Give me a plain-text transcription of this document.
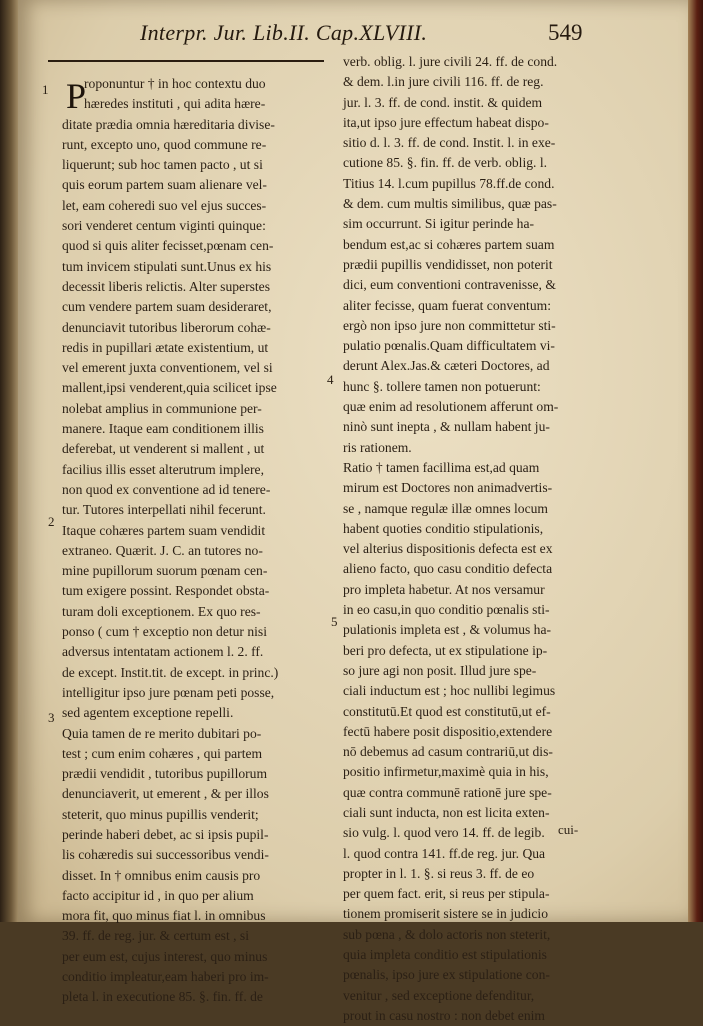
Interpr. Jur. Lib.II. Cap.XLVIII.	549
P
1
2
3
4
5

roponuntur † in hoc contextu duo

hæredes instituti , qui adita hære-

ditate prædia omnia hæreditaria divise-

runt, excepto uno, quod commune re-

liquerunt; sub hoc tamen pacto , ut si

quis eorum partem suam alienare vel-

let, eam coheredi suo vel ejus succes-

sori venderet centum viginti quinque:

quod si quis aliter fecisset,pœnam cen-

tum invicem stipulati sunt.Unus ex his

decessit liberis relictis. Alter superstes

cum vendere partem suam desideraret,

denunciavit tutoribus liberorum cohæ-

redis in pupillari ætate existentium, ut

vel emerent juxta conventionem, vel si

mallent,ipsi venderent,quia scilicet ipse

nolebat amplius in communione per-

manere. Itaque eam conditionem illis

deferebat, ut venderent si mallent , ut

facilius illis esset alterutrum implere,

non quod ex conventione ad id tenere-

tur. Tutores interpellati nihil fecerunt.

Itaque cohæres partem suam vendidit

extraneo. Quærit. J. C. an tutores no-

mine pupillorum suorum pœnam cen-

tum exigere possint. Respondet obsta-

turam doli exceptionem. Ex quo res-

ponso ( cum † exceptio non detur nisi

adversus intentatam actionem l. 2. ff.

de except. Instit.tit. de except. in princ.)

intelligitur ipso jure pœnam peti posse,

sed agentem exceptione repelli.

Quia tamen de re merito dubitari po-

test ; cum enim cohæres , qui partem

prædii vendidit , tutoribus pupillorum

denunciaverit, ut emerent , & per illos

steterit, quo minus pupillis venderit;

perinde haberi debet, ac si ipsis pupil-

lis cohæredis sui successoribus vendi-

disset. In † omnibus enim causis pro

facto accipitur id , in quo per alium

mora fit, quo minus fiat l. in omnibus

39. ff. de reg. jur. & certum est , si

per eum est, cujus interest, quo minus

conditio impleatur,eam haberi pro im-

pleta l. in executione 85. §. fin. ff. de

verb. oblig. l. jure civili 24. ff. de cond.

& dem. l.in jure civili 116. ff. de reg.

jur. l. 3. ff. de cond. instit. & quidem

ita,ut ipso jure effectum habeat dispo-

sitio d. l. 3. ff. de cond. Instit. l. in exe-

cutione 85. §. fin. ff. de verb. oblig. l.

Titius 14. l.cum pupillus 78.ff.de cond.

& dem. cum multis similibus, quæ pas-

sim occurrunt. Si igitur perinde ha-

bendum est,ac si cohæres partem suam

prædii pupillis vendidisset, non poterit

dici, eum conventioni contravenisse, &

aliter fecisse, quam fuerat conventum:

ergò non ipso jure non committetur sti-

pulatio pœnalis.Quam difficultatem vi-

derunt Alex.Jas.& cæteri Doctores, ad

hunc §. tollere tamen non potuerunt:

quæ enim ad resolutionem afferunt om-

ninò sunt inepta , & nullam habent ju-

ris rationem.

Ratio † tamen facillima est,ad quam

mirum est Doctores non animadvertis-

se , namque regulæ illæ omnes locum

habent quoties conditio stipulationis,

vel alterius dispositionis defecta est ex

alieno facto, quo casu conditio defecta

pro impleta habetur. At nos versamur

in eo casu,in quo conditio pœnalis sti-

pulationis impleta est , & volumus ha-

beri pro defecta, ut ex stipulatione ip-

so jure agi non posit. Illud jure spe-

ciali inductum est ; hoc nullibi legimus

constitutū.Et quod est constitutū,ut ef-

fectū habere posit dispositio,extendere

nō debemus ad casum contrariū,ut dis-

positio infirmetur,maximè quia in his,

quæ contra communē rationē jure spe-

ciali sunt inducta, non est licita exten-

sio vulg. l. quod vero 14. ff. de legib.

l. quod contra 141. ff.de reg. jur. Qua

propter in l. 1. §. si reus 3. ff. de eo

per quem fact. erit, si reus per stipula-

tionem promiserit sistere se in judicio

sub pœna , & dolo actoris non steterit,

quia impleta conditio est stipulationis

pœnalis, ipso jure ex stipulatione con-

venitur , sed exceptione defenditur,

prout in casu nostro : non debet enim

cui-
